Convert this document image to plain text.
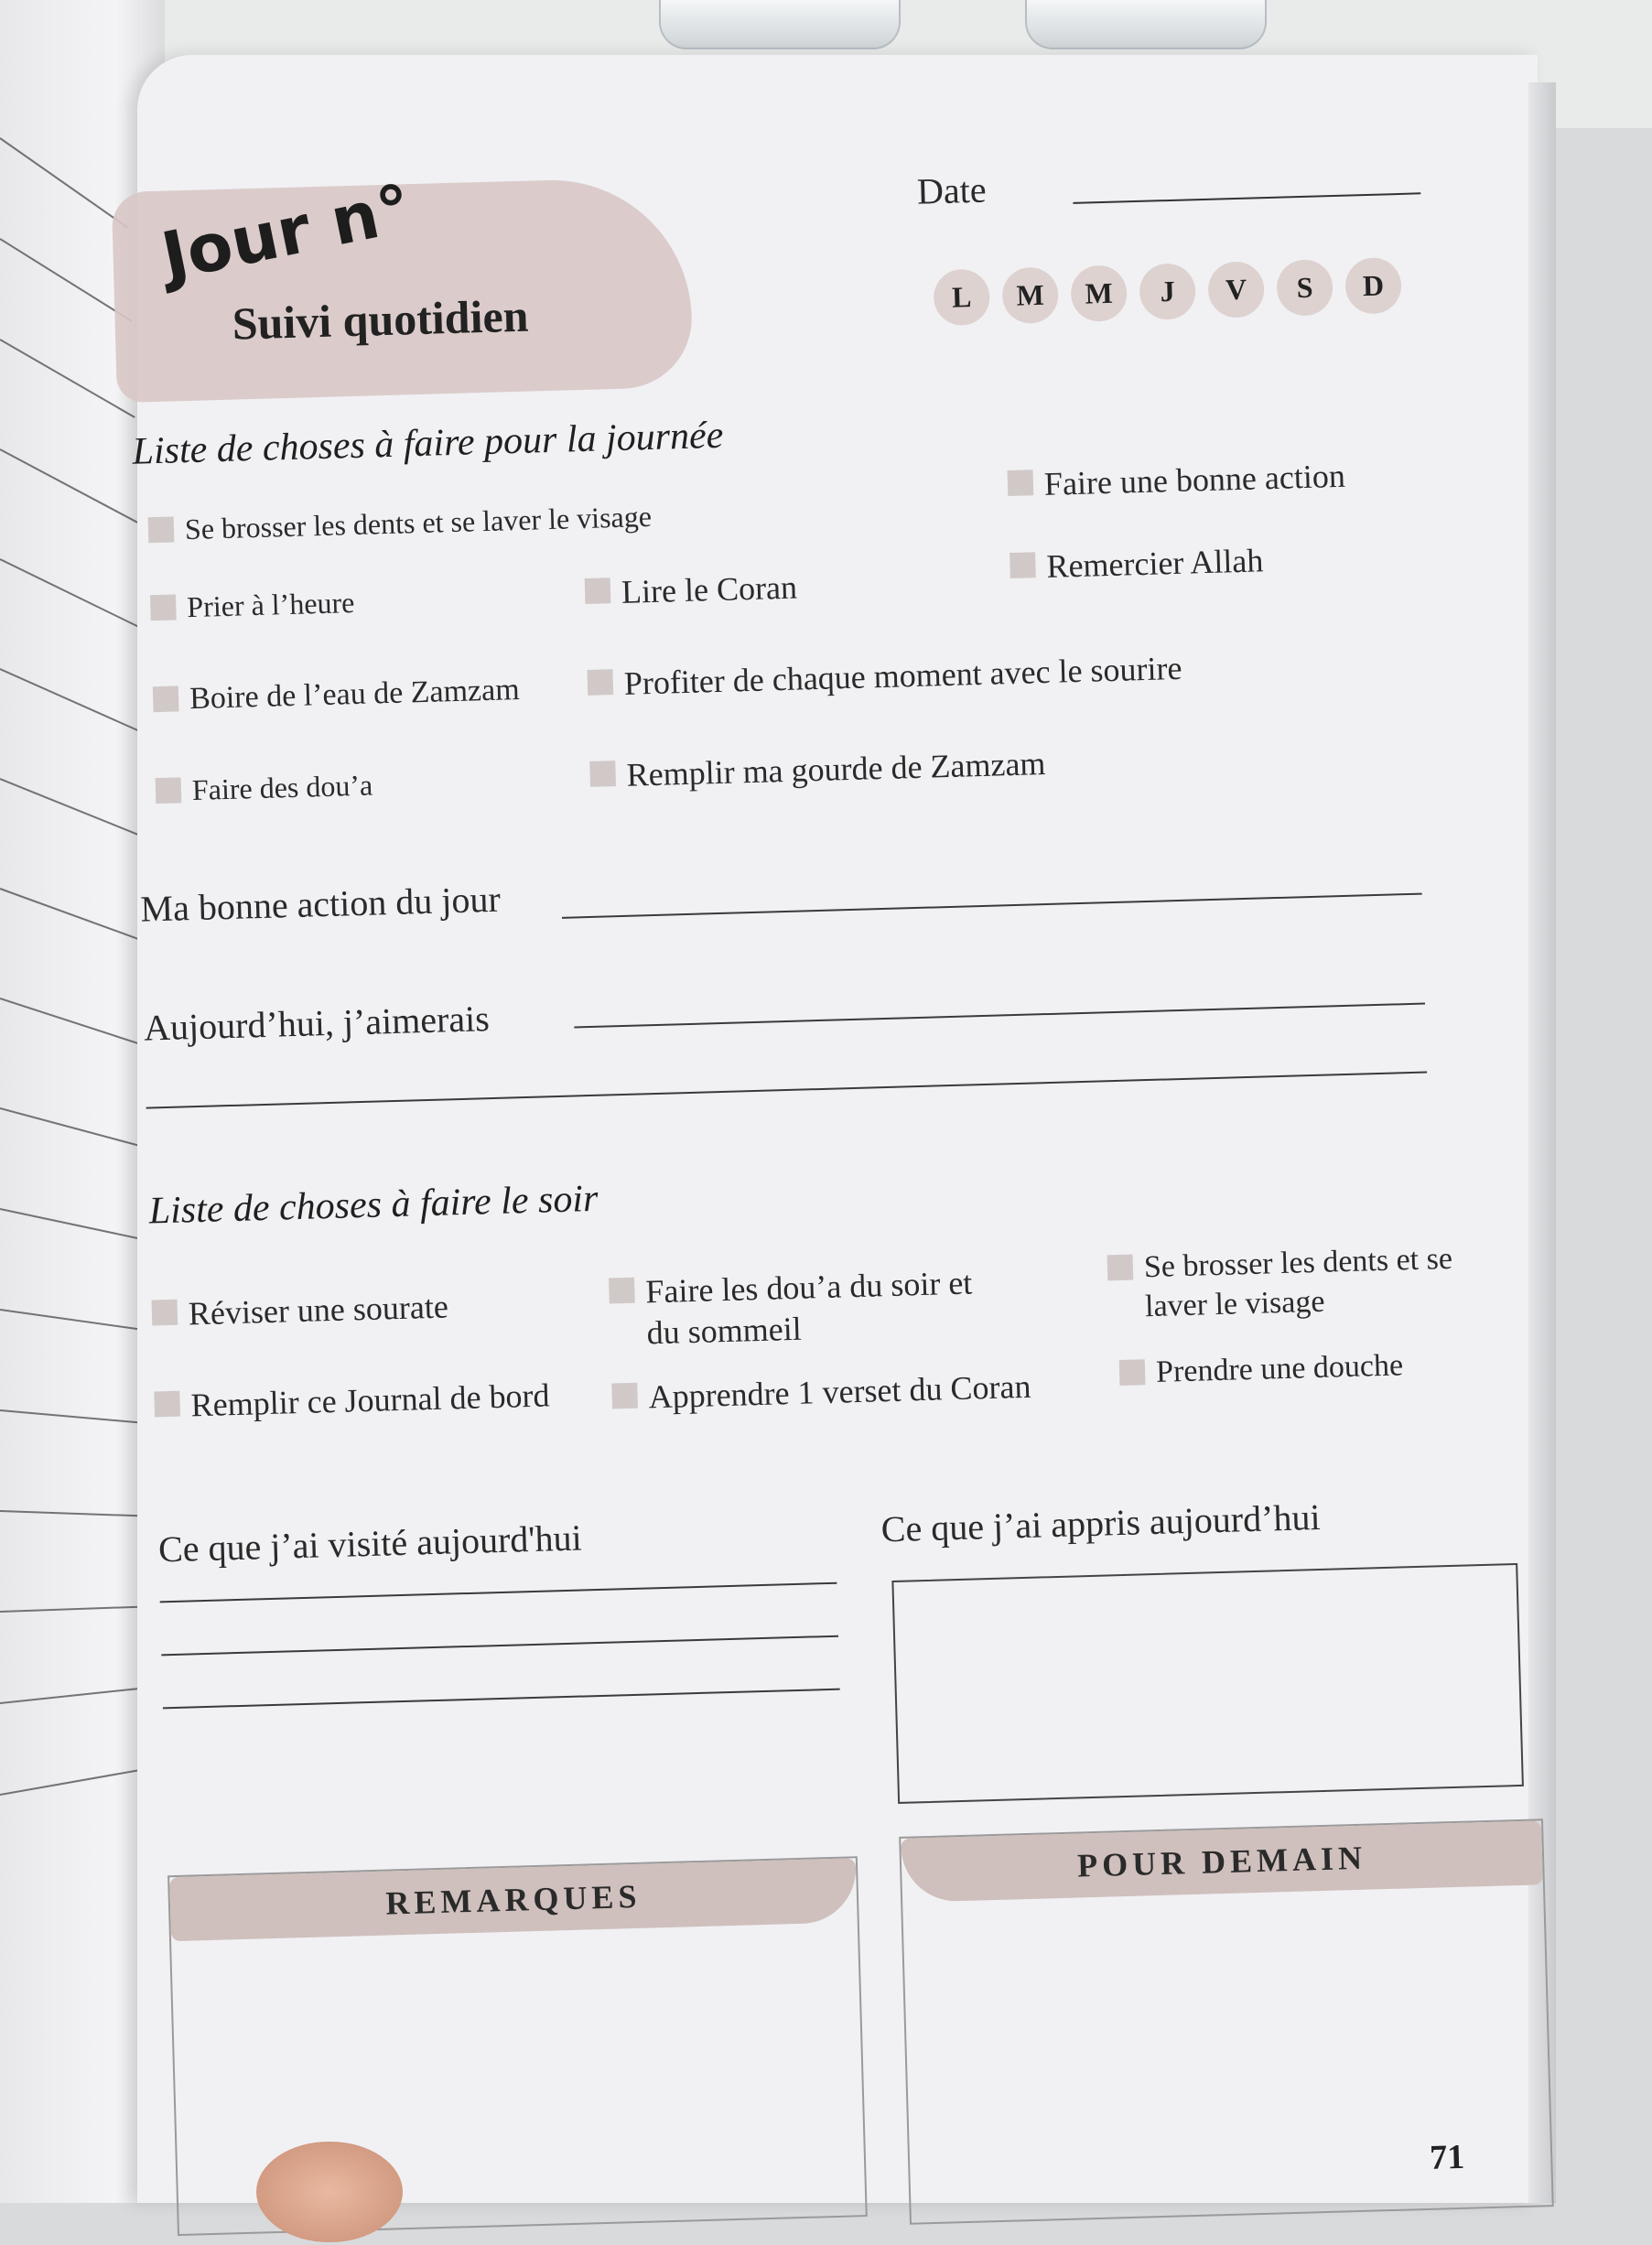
Jour n°
Suivi quotidien
Date
L	M	M	J	V	S	D
Liste de choses à faire pour la journée
Se brosser les dents et se laver le visage
Faire une bonne action
Prier à l’heure	Lire le Coran
Remercier Allah
Boire de l’eau de Zamzam	Profiter de chaque moment avec le sourire
Faire des dou’a	Remplir ma gourde de Zamzam
Ma bonne action du jour
Aujourd’hui, j’aimerais
Liste de choses à faire le soir
Réviser une sourate
Faire les dou’a du soir et du sommeil
Se brosser les dents et se laver le visage
Remplir ce Journal de bord	Apprendre 1 verset du Coran	Prendre une douche
Ce que j’ai visité aujourd'hui	Ce que j’ai appris aujourd’hui
REMARQUES
POUR DEMAIN
71
